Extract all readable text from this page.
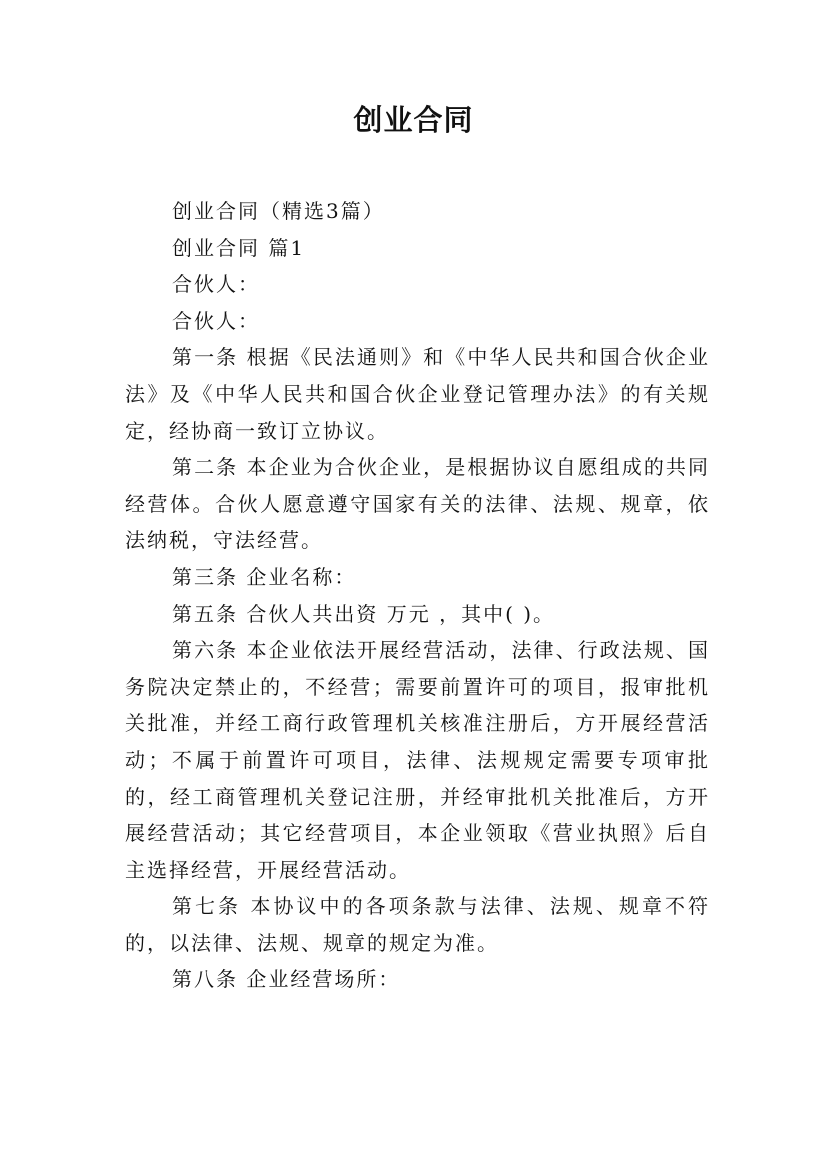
创业合同

创业合同（精选3篇）

创业合同 篇1

合伙人：

合伙人：

第一条 根据《民法通则》和《中华人民共和国合伙企业法》及《中华人民共和国合伙企业登记管理办法》的有关规定，经协商一致订立协议。

第二条 本企业为合伙企业，是根据协议自愿组成的共同经营体。合伙人愿意遵守国家有关的法律、法规、规章，依法纳税，守法经营。

第三条 企业名称：

第五条 合伙人共出资 万元 ，其中( )。

第六条 本企业依法开展经营活动，法律、行政法规、国务院决定禁止的，不经营；需要前置许可的项目，报审批机关批准，并经工商行政管理机关核准注册后，方开展经营活动；不属于前置许可项目，法律、法规规定需要专项审批的，经工商管理机关登记注册，并经审批机关批准后，方开展经营活动；其它经营项目，本企业领取《营业执照》后自主选择经营，开展经营活动。

第七条 本协议中的各项条款与法律、法规、规章不符的，以法律、法规、规章的规定为准。

第八条 企业经营场所：
